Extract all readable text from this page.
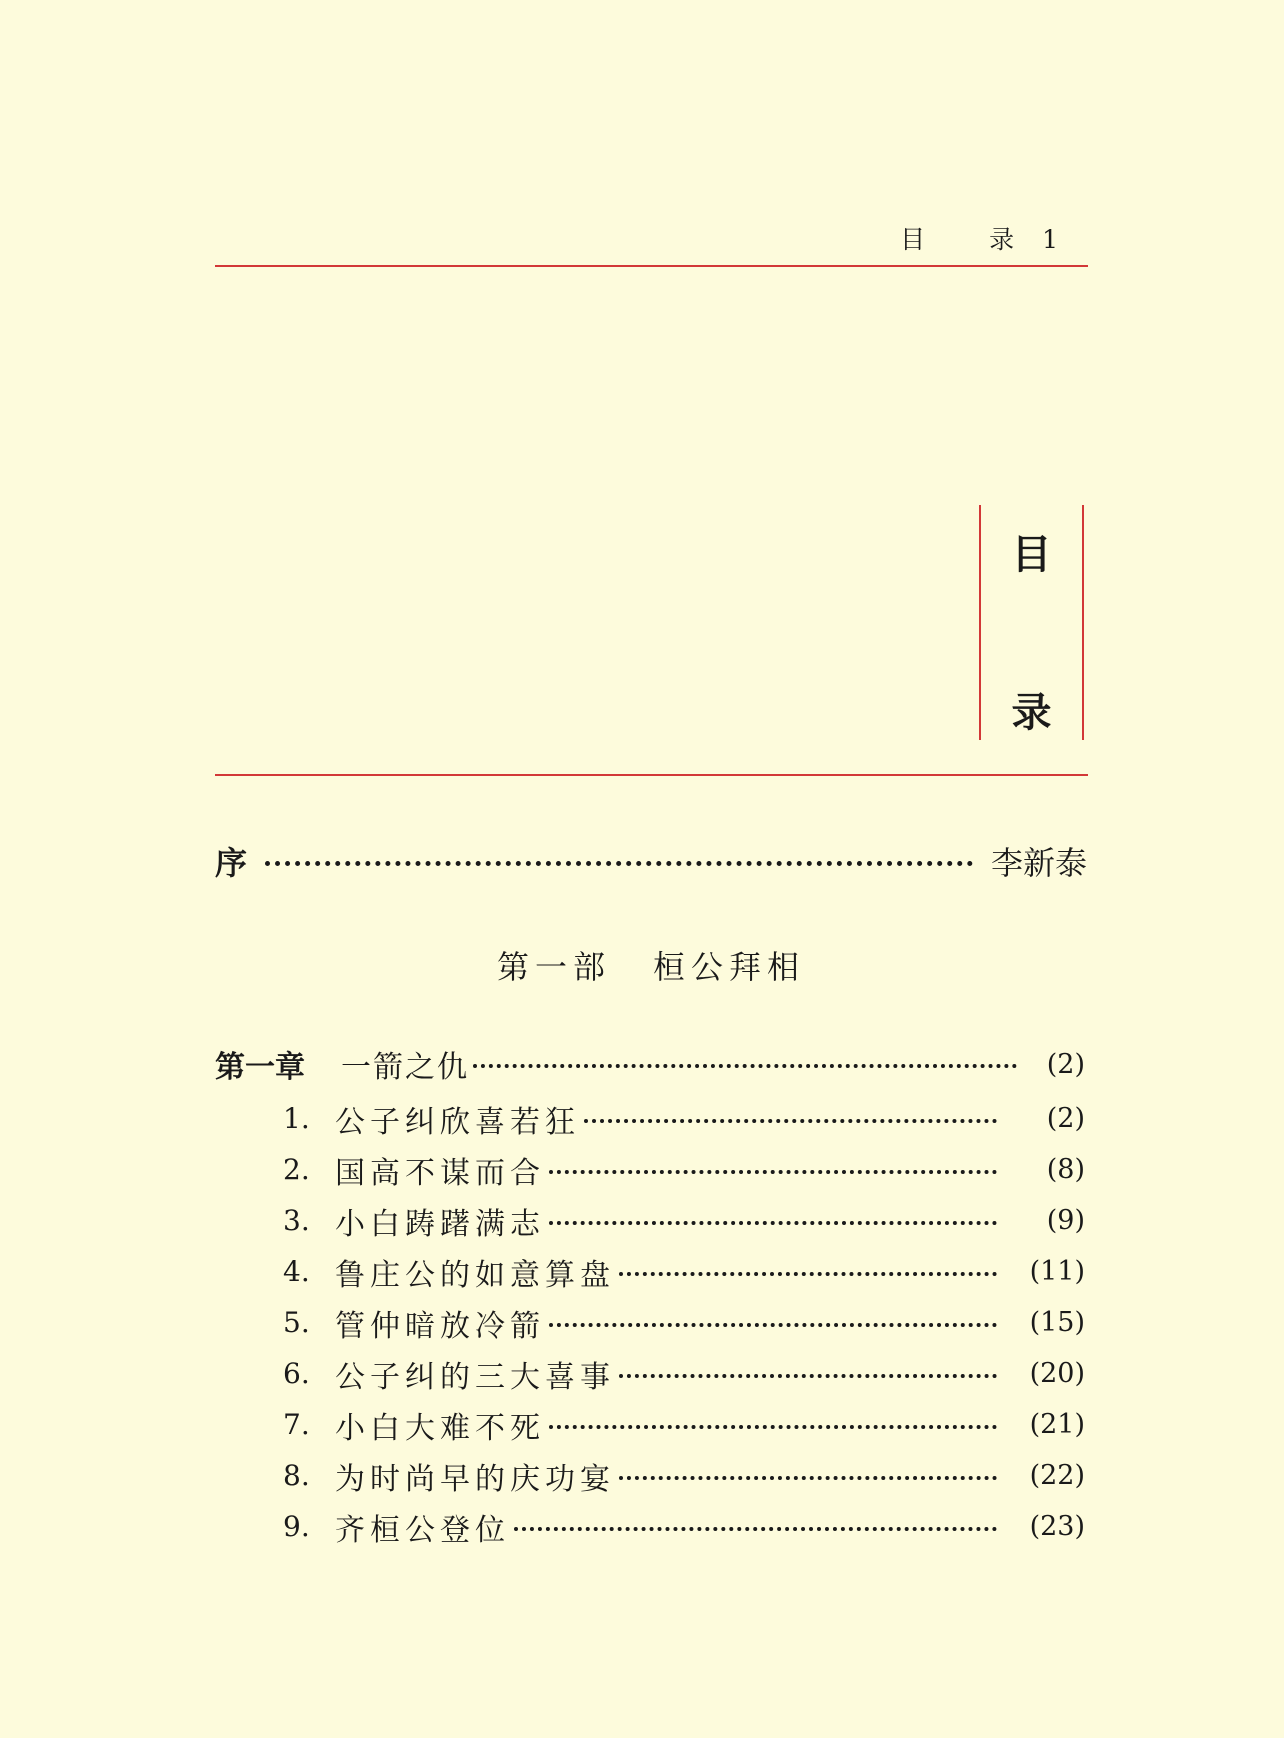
目 录1
目
录
序	李新泰
第一部 桓公拜相
第一章 一箭之仇	(2)
1. 公子纠欣喜若狂	(2)
2. 国高不谋而合	(8)
3. 小白踌躇满志	(9)
4. 鲁庄公的如意算盘	(11)
5. 管仲暗放冷箭	(15)
6. 公子纠的三大喜事	(20)
7. 小白大难不死	(21)
8. 为时尚早的庆功宴	(22)
9. 齐桓公登位	(23)
